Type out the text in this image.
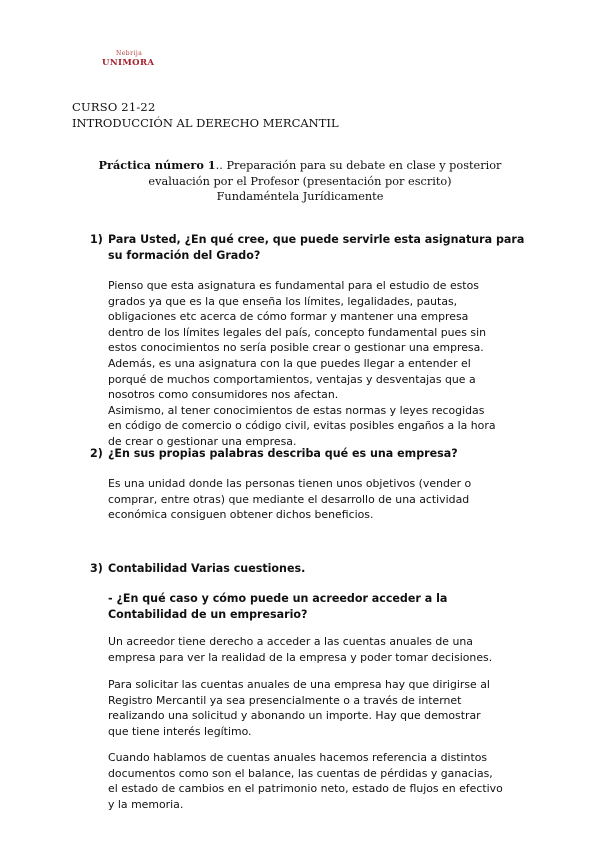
Nebrija
UNIMORA
CURSO 21-22
INTRODUCCIÓN AL DERECHO MERCANTIL
Práctica número 1.. Preparación para su debate en clase y posterior
evaluación por el Profesor (presentación por escrito)
Fundaméntela Jurídicamente
1) Para Usted, ¿En qué cree, que puede servirle esta asignatura para
su formación del Grado?
Pienso que esta asignatura es fundamental para el estudio de estos
grados ya que es la que enseña los límites, legalidades, pautas,
obligaciones etc acerca de cómo formar y mantener una empresa
dentro de los límites legales del país, concepto fundamental pues sin
estos conocimientos no sería posible crear o gestionar una empresa.
Además, es una asignatura con la que puedes llegar a entender el
porqué de muchos comportamientos, ventajas y desventajas que a
nosotros como consumidores nos afectan.
Asimismo, al tener conocimientos de estas normas y leyes recogidas
en código de comercio o código civil, evitas posibles engaños a la hora
de crear o gestionar una empresa.
2) ¿En sus propias palabras describa qué es una empresa?
Es una unidad donde las personas tienen unos objetivos (vender o
comprar, entre otras) que mediante el desarrollo de una actividad
económica consiguen obtener dichos beneficios.
3) Contabilidad Varias cuestiones.
- ¿En qué caso y cómo puede un acreedor acceder a la
Contabilidad de un empresario?
Un acreedor tiene derecho a acceder a las cuentas anuales de una
empresa para ver la realidad de la empresa y poder tomar decisiones.
Para solicitar las cuentas anuales de una empresa hay que dirigirse al
Registro Mercantil ya sea presencialmente o a través de internet
realizando una solicitud y abonando un importe. Hay que demostrar
que tiene interés legítimo.
Cuando hablamos de cuentas anuales hacemos referencia a distintos
documentos como son el balance, las cuentas de pérdidas y ganacias,
el estado de cambios en el patrimonio neto, estado de flujos en efectivo
y la memoria.
